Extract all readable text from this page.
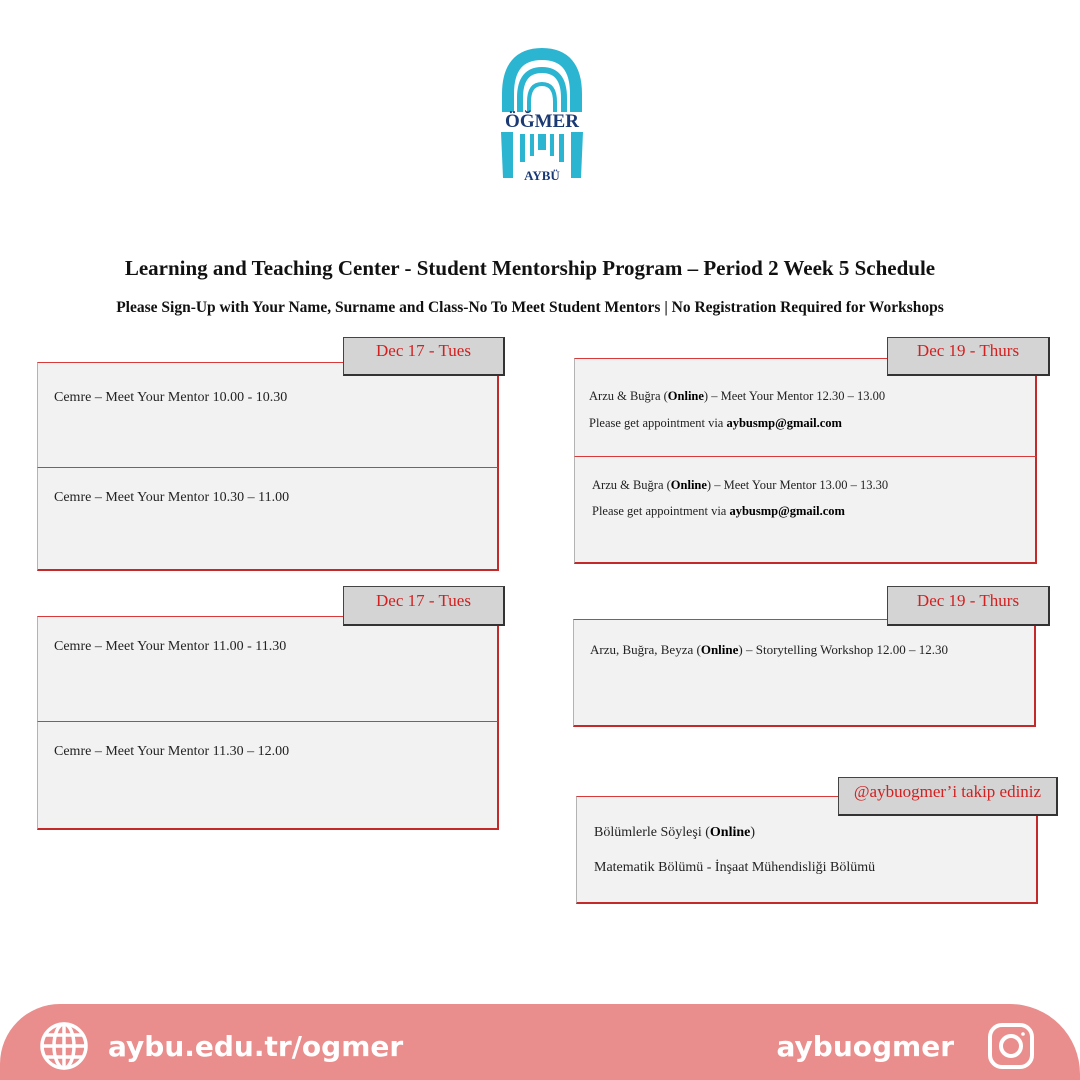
ÖĞMER
AYBÜ
Learning and Teaching Center - Student Mentorship Program – Period 2 Week 5 Schedule
Please Sign-Up with Your Name, Surname and Class-No To Meet Student Mentors | No Registration Required for Workshops
Cemre – Meet Your Mentor 10.00 - 10.30
Cemre – Meet Your Mentor 10.30 – 11.00
Dec 17 - Tues
Cemre – Meet Your Mentor 11.00 - 11.30
Cemre – Meet Your Mentor 11.30 – 12.00
Dec 17 - Tues
Arzu & Buğra (Online) – Meet Your Mentor 12.30 – 13.00
Please get appointment via aybusmp@gmail.com
Arzu & Buğra (Online) – Meet Your Mentor 13.00 – 13.30
Please get appointment via aybusmp@gmail.com
Dec 19 - Thurs
Arzu, Buğra, Beyza (Online) – Storytelling Workshop 12.00 – 12.30
Dec 19 - Thurs
Bölümlerle Söyleşi (Online)
Matematik Bölümü - İnşaat Mühendisliği Bölümü
@aybuogmer’i takip ediniz
aybu.edu.tr/ogmer	aybuogmer
